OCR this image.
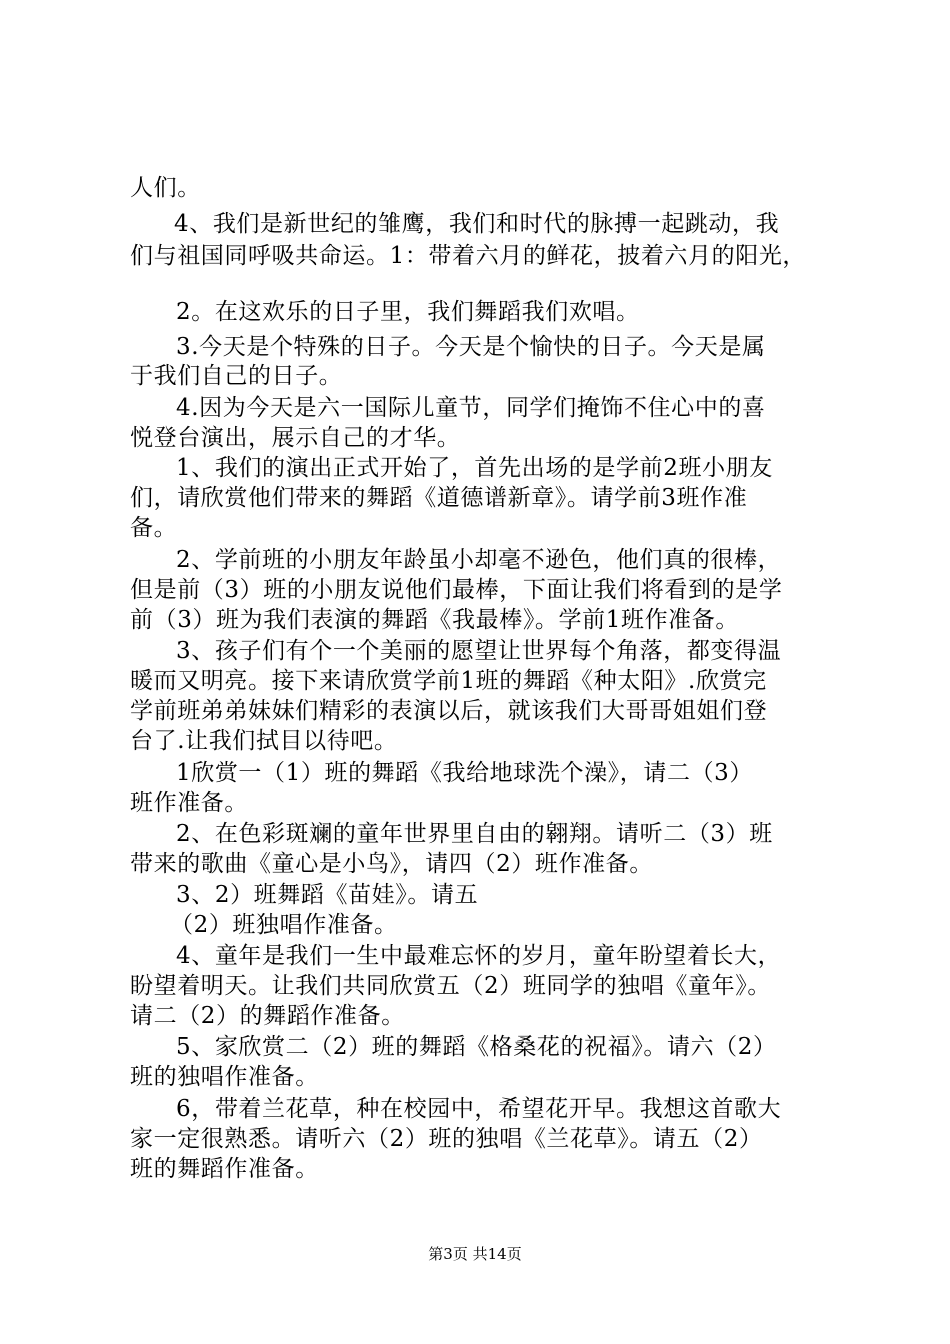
人们。
4、我们是新世纪的雏鹰，我们和时代的脉搏一起跳动，我
们与祖国同呼吸共命运。1：带着六月的鲜花，披着六月的阳光，
2。在这欢乐的日子里，我们舞蹈我们欢唱。
3.今天是个特殊的日子。今天是个愉快的日子。今天是属
于我们自己的日子。
4.因为今天是六一国际儿童节，同学们掩饰不住心中的喜
悦登台演出，展示自己的才华。
1、我们的演出正式开始了，首先出场的是学前2班小朋友
们，请欣赏他们带来的舞蹈《道德谱新章》。请学前3班作准
备。
2、学前班的小朋友年龄虽小却毫不逊色，他们真的很棒，
但是前（3）班的小朋友说他们最棒，下面让我们将看到的是学
前（3）班为我们表演的舞蹈《我最棒》。学前1班作准备。
3、孩子们有个一个美丽的愿望让世界每个角落，都变得温
暖而又明亮。接下来请欣赏学前1班的舞蹈《种太阳》.欣赏完
学前班弟弟妹妹们精彩的表演以后，就该我们大哥哥姐姐们登
台了.让我们拭目以待吧。
1欣赏一（1）班的舞蹈《我给地球洗个澡》，请二（3）
班作准备。
2、在色彩斑斓的童年世界里自由的翱翔。请听二（3）班
带来的歌曲《童心是小鸟》，请四（2）班作准备。
3、2）班舞蹈《苗娃》。请五
（2）班独唱作准备。
4、童年是我们一生中最难忘怀的岁月，童年盼望着长大，
盼望着明天。让我们共同欣赏五（2）班同学的独唱《童年》。
请二（2）的舞蹈作准备。
5、家欣赏二（2）班的舞蹈《格桑花的祝福》。请六（2）
班的独唱作准备。
6，带着兰花草，种在校园中，希望花开早。我想这首歌大
家一定很熟悉。请听六（2）班的独唱《兰花草》。请五（2）
班的舞蹈作准备。
第3页 共14页
